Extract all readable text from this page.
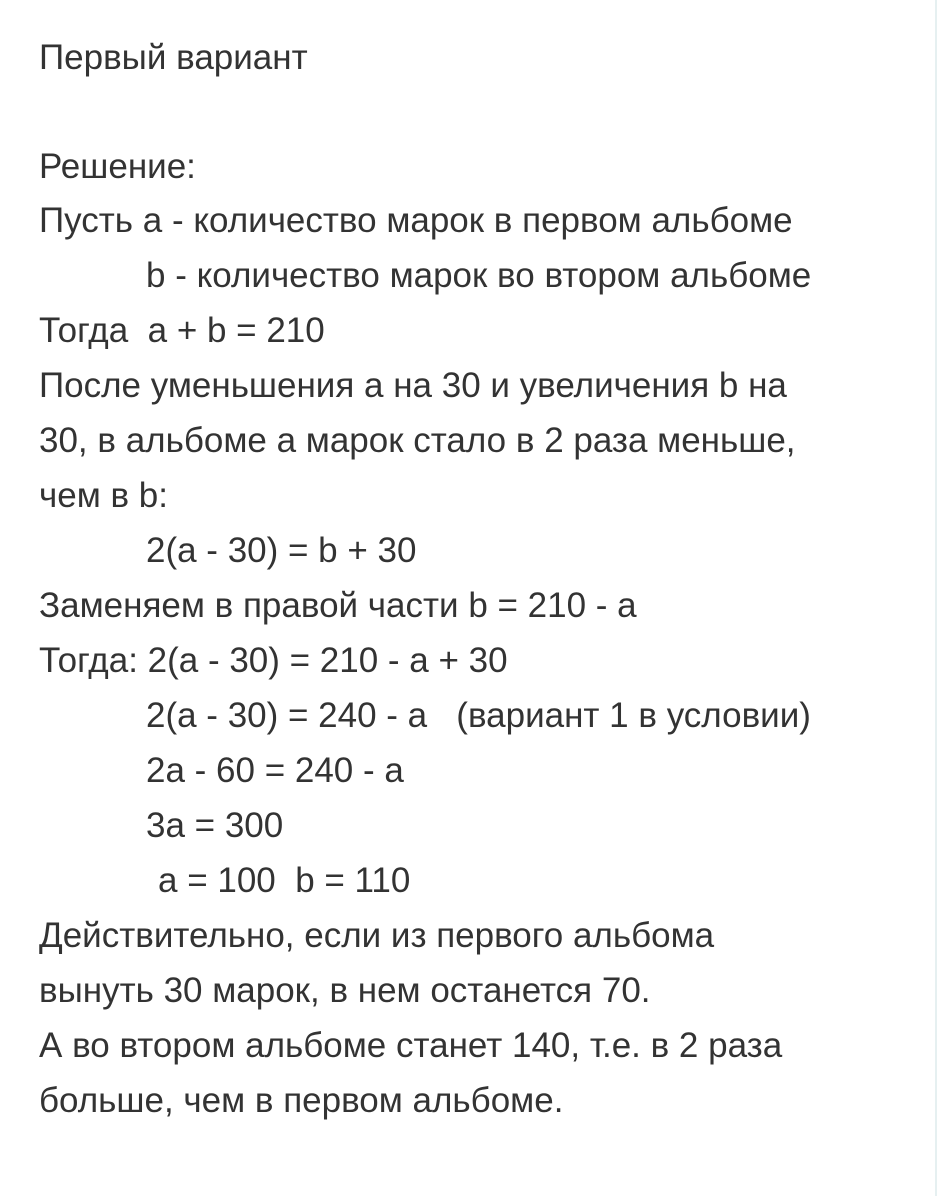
Первый вариант

Решение:

Пусть а - количество марок в первом альбоме

b - количество марок во втором альбоме

Тогда  a + b = 210

После уменьшения а на 30 и увеличения b на

30, в альбоме а марок стало в 2 раза меньше,

чем в b:

2(а - 30) = b + 30

Заменяем в правой части b = 210 - a

Тогда: 2(а - 30) = 210 - a + 30

2(а - 30) = 240 - a   (вариант 1 в условии)

2a - 60 = 240 - a

3a = 300

a = 100  b = 110

Действительно, если из первого альбома

вынуть 30 марок, в нем останется 70.

А во втором альбоме станет 140, т.е. в 2 раза

больше, чем в первом альбоме.
